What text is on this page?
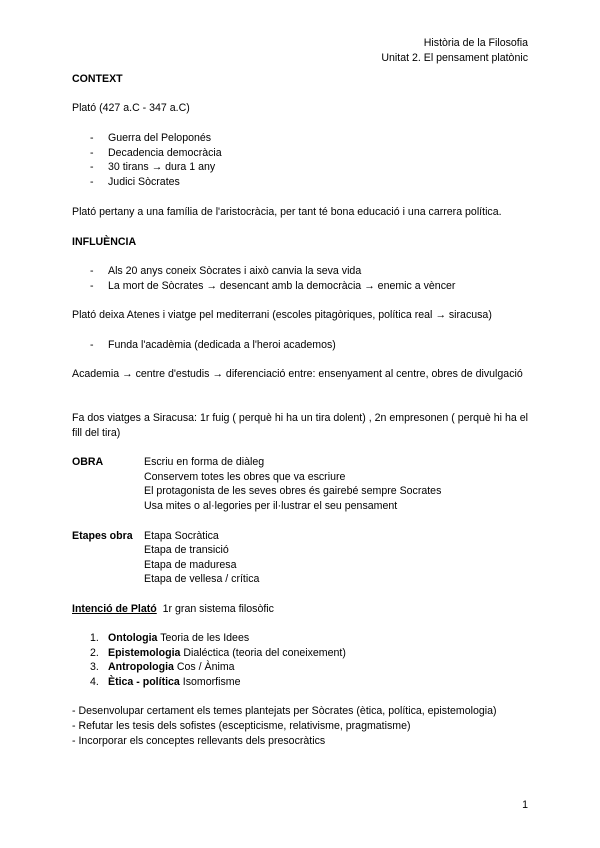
Història de la Filosofia
Unitat 2. El pensament platònic
CONTEXT
Plató (427 a.C - 347 a.C)
- Guerra del Peloponés
- Decadencia democràcia
- 30 tirans → dura 1 any
- Judici Sòcrates
Plató pertany a una família de l'aristocràcia, per tant té bona educació i una carrera política.
INFLUÈNCIA
- Als 20 anys coneix Sòcrates i això canvia la seva vida
- La mort de Sòcrates → desencant amb la democràcia → enemic a vèncer
Plató deixa Atenes i viatge pel mediterrani (escoles pitagòriques, política real → siracusa)
- Funda l'acadèmia (dedicada a l'heroi academos)
Academia → centre d'estudis → diferenciació entre: ensenyament al centre, obres de divulgació
Fa dos viatges a Siracusa: 1r fuig ( perquè hi ha un tira dolent) , 2n empresonen ( perquè hi ha el fill del tira)
OBRA	Escriu en forma de diàleg
Conservem totes les obres que va escriure
El protagonista de les seves obres és gairebé sempre Socrates
Usa mites o al·legories per il·lustrar el seu pensament
Etapes obra Etapa Socràtica
Etapa de transició
Etapa de maduresa
Etapa de vellesa / crítica
Intenció de Plató 1r gran sistema filosòfic
1. Ontologia Teoria de les Idees
2. Epistemologia Dialéctica (teoria del coneixement)
3. Antropologia Cos / Ànima
4. Ètica - política Isomorfisme
- Desenvolupar certament els temes plantejats per Sòcrates (ètica, política, epistemologia)
- Refutar les tesis dels sofistes (escepticisme, relativisme, pragmatisme)
- Incorporar els conceptes rellevants dels presocràtics
1
